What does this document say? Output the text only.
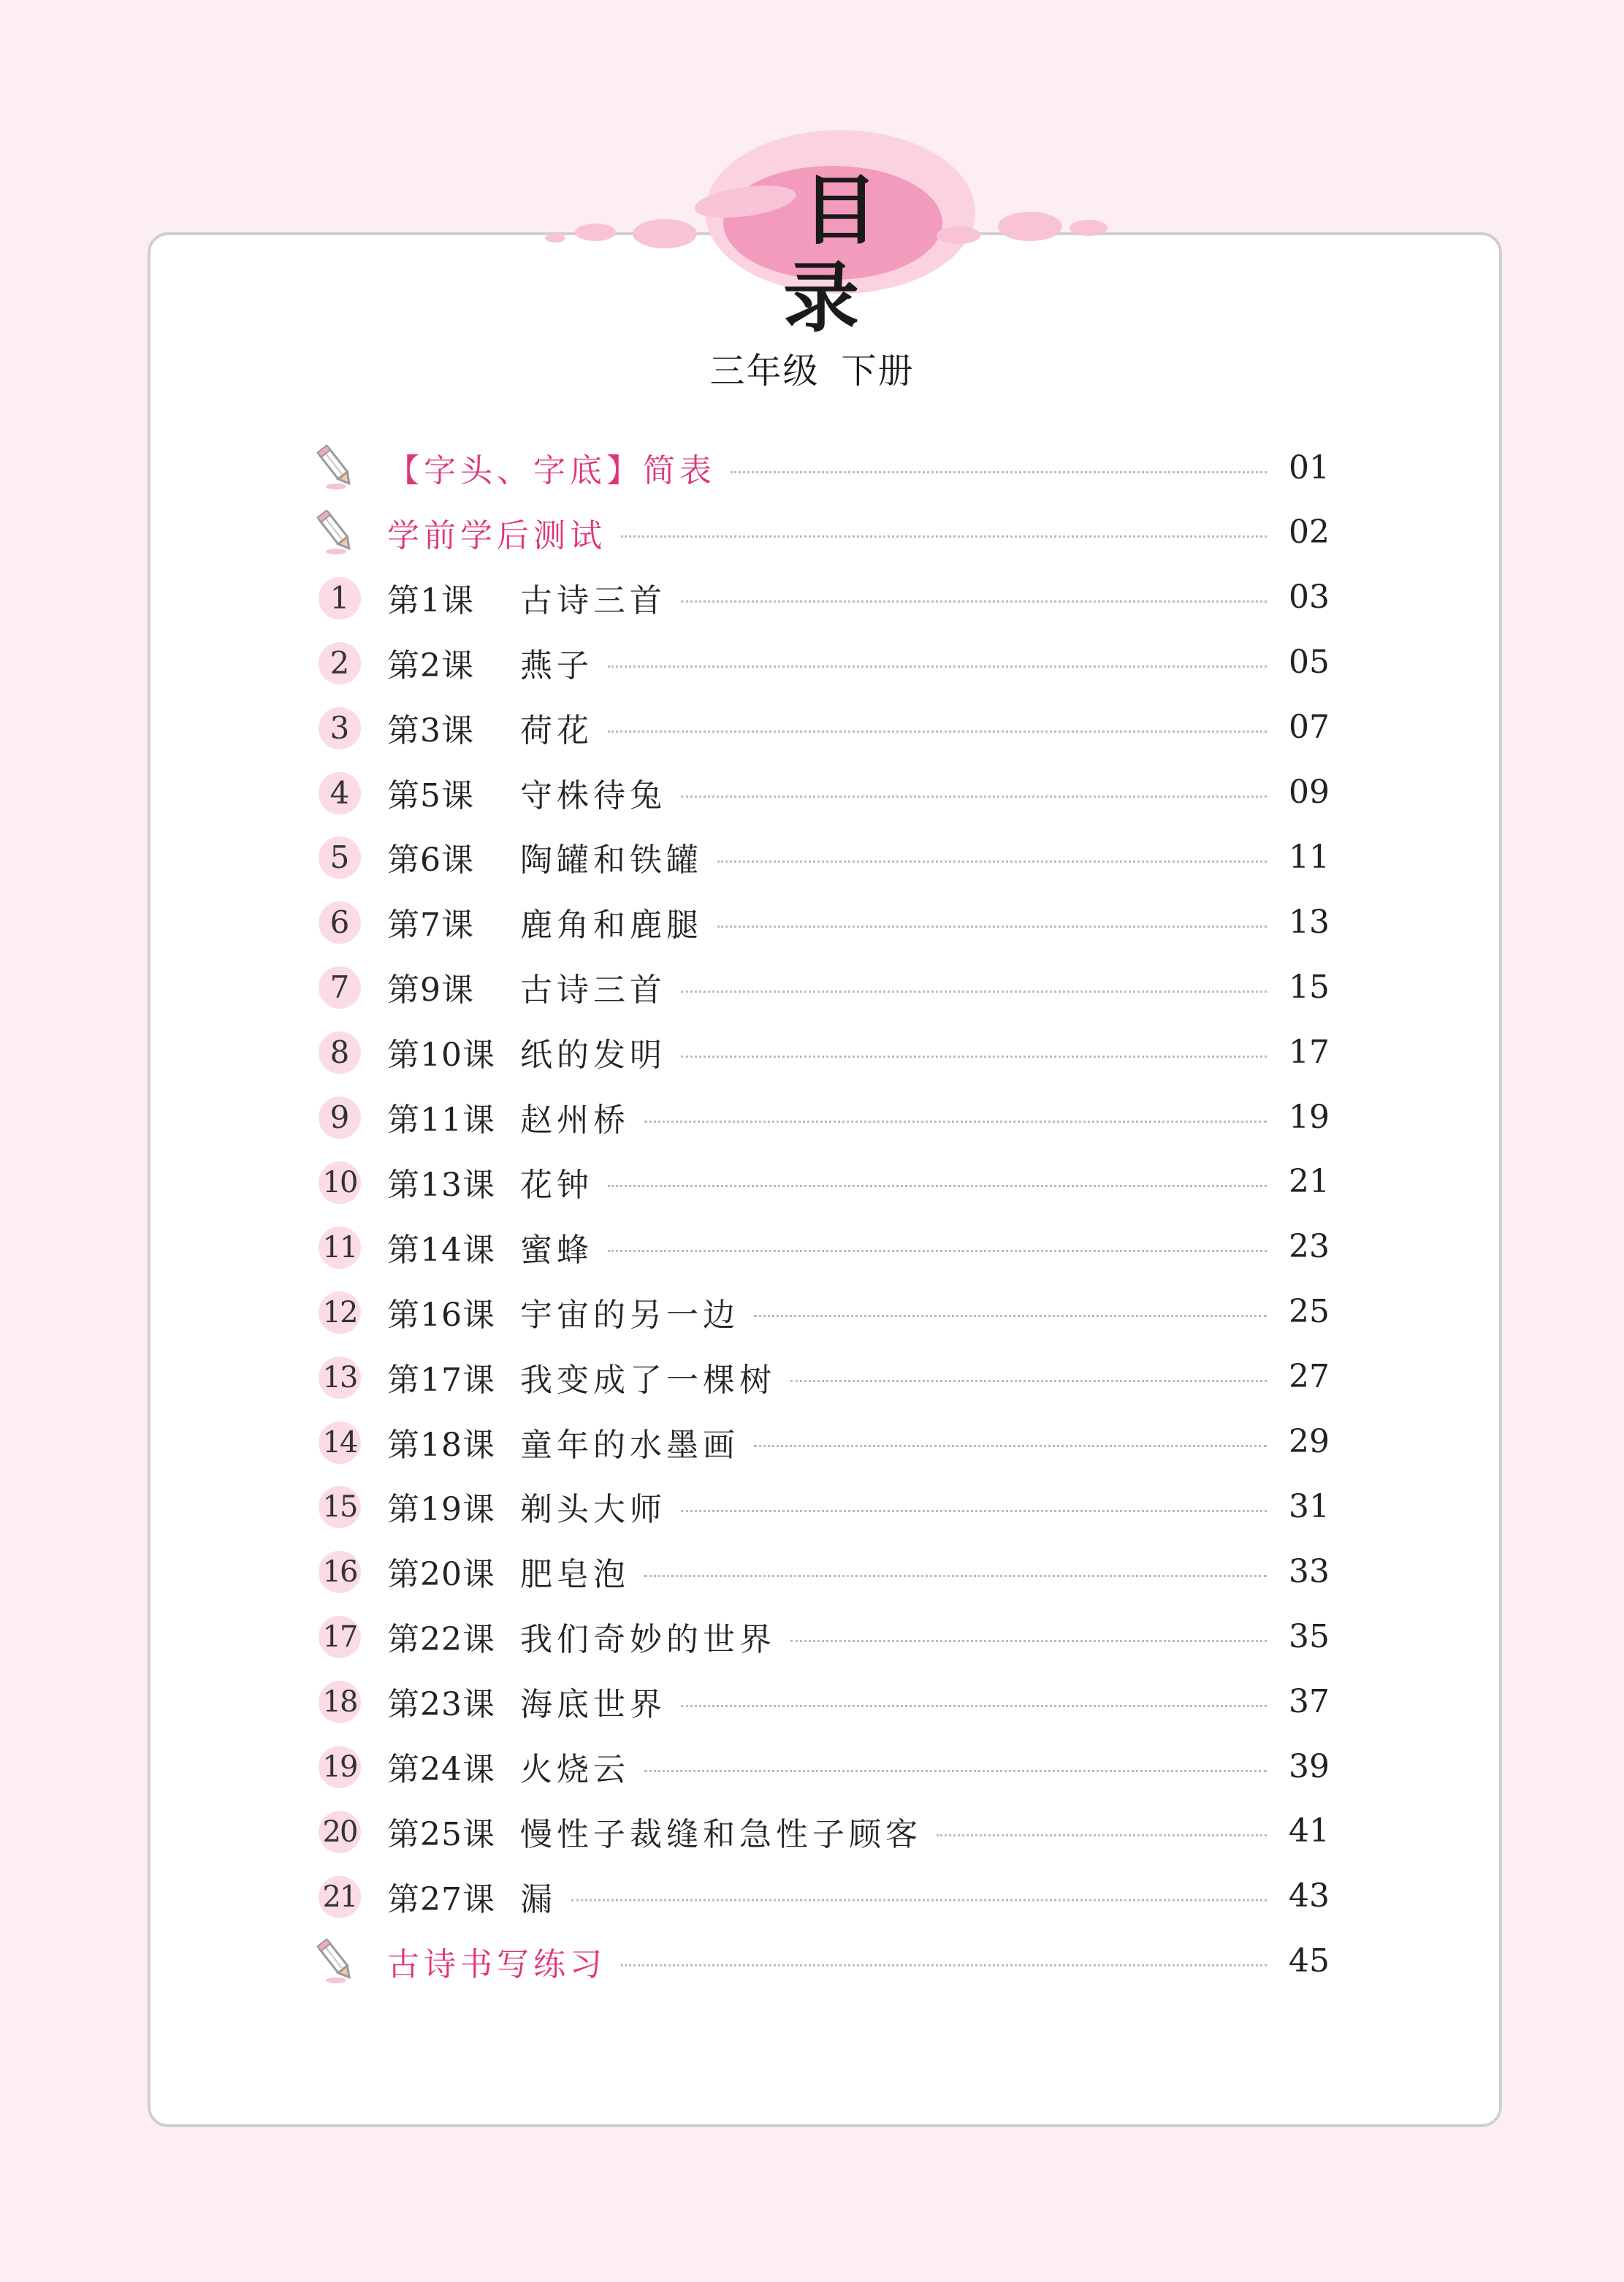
目 录
三年级 下册
【字头、字底】简表	01
学前学后测试	02
1	第1课	古诗三首	03
2	第2课	燕子	05
3	第3课	荷花	07
4	第5课	守株待兔	09
5	第6课	陶罐和铁罐	11
6	第7课	鹿角和鹿腿	13
7	第9课	古诗三首	15
8	第10课 纸的发明	17
9	第11课 赵州桥	19
10 第13课 花钟	21
11 第14课 蜜蜂	23
12 第16课 宇宙的另一边	25
13 第17课 我变成了一棵树	27
14 第18课 童年的水墨画	29
15 第19课 剃头大师	31
16 第20课 肥皂泡	33
17 第22课 我们奇妙的世界	35
18 第23课 海底世界	37
19 第24课 火烧云	39
20 第25课 慢性子裁缝和急性子顾客	41
21 第27课 漏	43
古诗书写练习	45
